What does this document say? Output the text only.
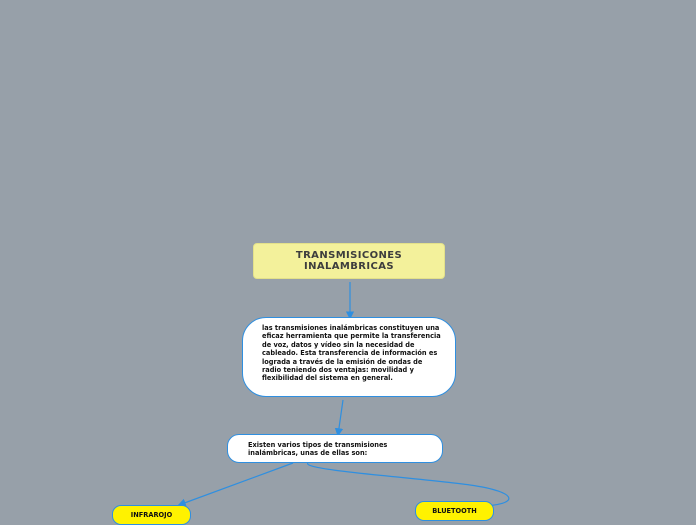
TRANSMISICONES
INALAMBRICAS
las transmisiones inalámbricas constituyen una eficaz herramienta que permite la transferencia de voz, datos y vídeo sin la necesidad de cableado. Esta transferencia de información es lograda a través de la emisión de ondas de radio teniendo dos ventajas: movilidad y flexibilidad del sistema en general.
Existen varios tipos de transmisiones inalámbricas, unas de ellas son:
INFRAROJO	BLUETOOTH
